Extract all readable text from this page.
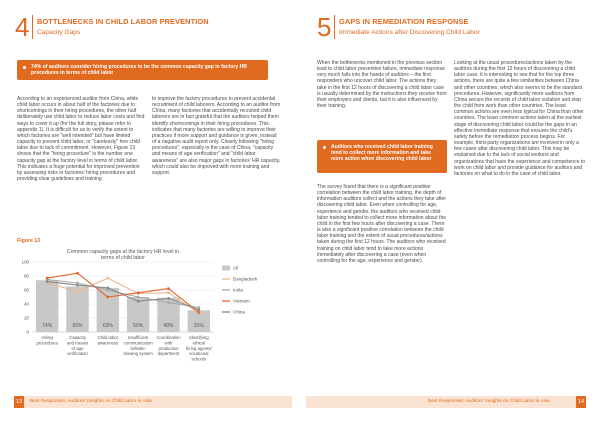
4 BOTTLENECKS IN CHILD LABOR PREVENTION
Capacity Gaps
74% of auditors consider hiring procedures to be the common capacity gap in factory HR procedures in terms of child labor

According to an experienced auditor from China, while child labor occurs in about half of the factories due to shortcomings in their hiring procedures, the other half deliberately use child labor to reduce labor costs and find ways to cover it up (for the full story, please refer to appendix 1). It is difficult for us to verify the extent to which factories are "well intended" but have limited capacity to prevent child labor, or "carelessly" hire child labor due to lack of commitment. However, Figure 13 shows that the "hiring procedure" is the number one capacity gap at the factory level in terms of child labor. This indicates a huge potential for improved prevention by assessing risks in factories' hiring procedures and providing clear guidelines and training

to improve the factory procedures to prevent accidental recruitment of child laborers. According to an auditor from China, many factories that accidentally recruited child laborers are in fact grateful that the auditors helped them identify shortcomings in their hiring procedures. This indicates that many factories are willing to improve their practices if more support and guidance is given, instead of a negative audit report only. Closely following "hiring procedures", especially in the case of China, "capacity and means of age verification" and "child labor awareness" are also major gaps in factories' HR capacity, which could also be improved with more training and support.

Figure 13
Common capacity gaps at the factory HR level in
terms of child labor
100
80
60
40
20
0
74%	65%	63%	50%	49%	31%
Hiring
procedures
Capacity
and means
of age
verification
Child labor
awareness
Insufficient
communication
/whistle-
blowing system
Coordination
with
production
department
Identifying
ethical
hiring agents/
vocational
schools
All
Bangladesh
India
Vietnam
China
13	Best Responses: Auditors' Insights on Child Labor in Asia
5 GAPS IN REMEDIATION RESPONSE
Immediate Actions after Discovering Child Labor

When the bottlenecks mentioned in the previous section lead to child labor prevention failure, immediate response very much falls into the hands of auditors – the first responders who uncover child labor. The actions they take in the first 12 hours of discovering a child labor case is usually determined by the instructions they receive from their employers and clients, but it is also influenced by their training.

Auditors who received child labor training tend to collect more information and take more action when discovering child labor

The survey found that there is a significant positive correlation between the child labor training, the depth of information auditors collect and the actions they take after discovering child labor. Even when controlling for age, experience and gender, the auditors who received child labor training tended to collect more information about the child in the first few hours after discovering a case. There is also a significant positive correlation between the child labor training and the extent of usual procedures/actions taken during the first 12 hours. The auditors who received training on child labor tend to take more actions immediately after discovering a case (even when controlling for the age, experience and gender).

Looking at the usual procedures/actions taken by the auditors during the first 12 hours of discovering a child labor case, it is interesting to see that for the top three actions, there are quite a few similarities between China and other countries, which also seems to be the standard procedures. However, significantly more auditors from China secure the records of child labor violation and stop the child from work than other countries. The least common actions are even less typical for China than other countries. The least common actions taken at the earliest stage of discovering child labor could be the gaps in an effective immediate response that ensures the child's safety before the remediation process begins. For example, third-party organizations are involved in only a few cases after discovering child labor. This may be explained due to the lack of social workers and organizations that have the experience and competence to work on child labor and provide guidance for auditors and factories on what to do in the case of child labor.

Best Responses: Auditors' Insights on Child Labor in Asia	14
